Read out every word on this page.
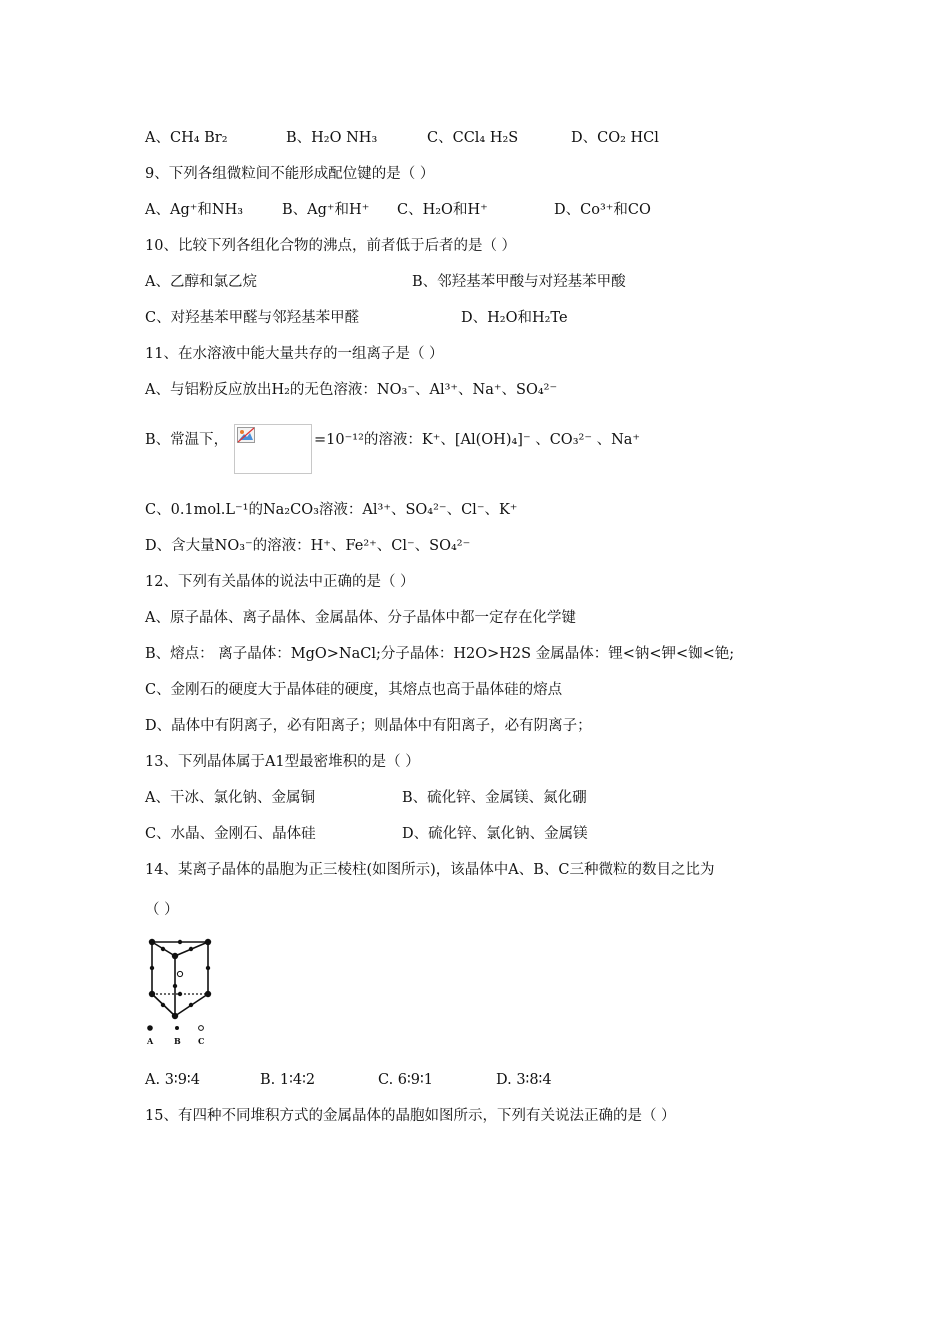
A、CH₄ Br₂	B、H₂O NH₃	C、CCl₄ H₂S	D、CO₂ HCl
9、下列各组微粒间不能形成配位键的是（ ）
A、Ag⁺和NH₃	B、Ag⁺和H⁺ C、H₂O和H⁺	D、Co³⁺和CO
10、比较下列各组化合物的沸点，前者低于后者的是（ ）
A、乙醇和氯乙烷	B、邻羟基苯甲酸与对羟基苯甲酸
C、对羟基苯甲醛与邻羟基苯甲醛	D、H₂O和H₂Te
11、在水溶液中能大量共存的一组离子是（ ）
A、与铝粉反应放出H₂的无色溶液：NO₃⁻、Al³⁺、Na⁺、SO₄²⁻
B、常温下，	=10⁻¹²的溶液：K⁺、[Al(OH)₄]⁻ 、CO₃²⁻ 、Na⁺
C、0.1mol.L⁻¹的Na₂CO₃溶液：Al³⁺、SO₄²⁻、Cl⁻、K⁺
D、含大量NO₃⁻的溶液：H⁺、Fe²⁺、Cl⁻、SO₄²⁻
12、下列有关晶体的说法中正确的是（ ）
A、原子晶体、离子晶体、金属晶体、分子晶体中都一定存在化学键
B、熔点： 离子晶体：MgO>NaCl;分子晶体：H2O>H2S 金属晶体：锂<钠<钾<铷<铯;
C、金刚石的硬度大于晶体硅的硬度，其熔点也高于晶体硅的熔点
D、晶体中有阴离子，必有阳离子；则晶体中有阳离子，必有阴离子；
13、下列晶体属于A1型最密堆积的是（ ）
A、干冰、氯化钠、金属铜	B、硫化锌、金属镁、氮化硼
C、水晶、金刚石、晶体硅	D、硫化锌、氯化钠、金属镁
14、某离子晶体的晶胞为正三棱柱(如图所示)，该晶体中A、B、C三种微粒的数目之比为
（ ）
A	B C
A. 3∶9∶4	B. 1∶4∶2	C. 6∶9∶1	D. 3∶8∶4
15、有四种不同堆积方式的金属晶体的晶胞如图所示，下列有关说法正确的是（ ）
